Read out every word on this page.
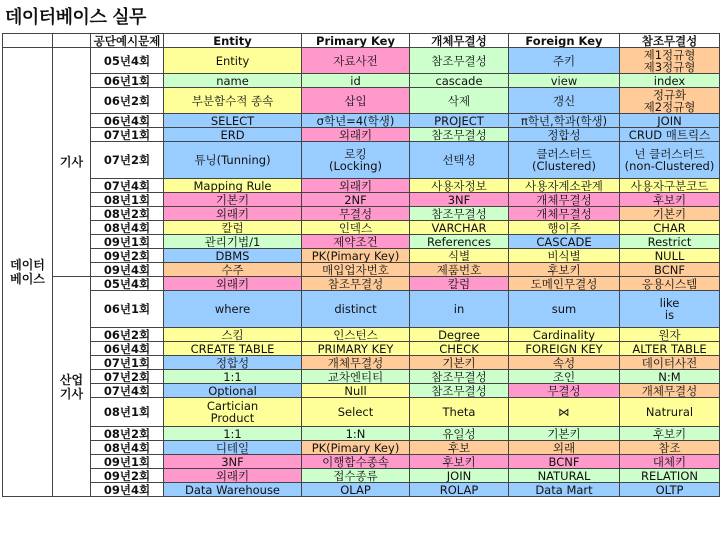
데이터베이스 실무
		공단예시문제	Entity	Primary Key	개체무결성	Foreign Key	참조무결성
데이터
베이스	기사	05년4회	Entity	자료사전	참조무결성	주키	제1정규형
제3정규형
		06년1회	name	id	cascade	view	index
		06년2회	부분함수적 종속	삽입	삭제	갱신	정규화
제2정규형
		06년4회	SELECT	σ학년=4(학생)	PROJECT	π학년,학과(학생)	JOIN
		07년1회	ERD	외래키	참조무결성	정합성	CRUD 매트릭스
		07년2회	튜닝(Tunning)	로킹
(Locking)	선택성	클러스터드
(Clustered)	넌 클러스터드
(non-Clustered)
		07년4회	Mapping Rule	외래키	사용자정보	사용자계소관계	사용자구분코드
		08년1회	기본키	2NF	3NF	개체무결성	후보키
		08년2회	외래키	무결성	참조무결성	개체무결성	기본키
		08년4회	칼럼	인덱스	VARCHAR	행이주	CHAR
		09년1회	관리기법/1	제약조건	References	CASCADE	Restrict
		09년2회	DBMS	PK(Pimary Key)	식별	비식별	NULL
		09년4회	수주	매입업자번호	제품번호	후보키	BCNF
	산업
기사	05년4회	외래키	참조무결성	칼럼	도메인무결성	응용시스템
		06년1회	where	distinct	in	sum	like
is
		06년2회	스킴	인스턴스	Degree	Cardinality	원자
		06년4회	CREATE TABLE	PRIMARY KEY	CHECK	FOREIGN KEY	ALTER TABLE
		07년1회	정합성	개체무결성	기본키	속성	데이터사전
		07년2회	1:1	교차엔티티	참조무결성	조인	N:M
		07년4회	Optional	Null	참조무결성	무결성	개체무결성
		08년1회	Cartician
Product	Select	Theta	⋈	Natrural
		08년2회	1:1	1:N	유일성	기본키	후보키
		08년4회	디테일	PK(Pimary Key)	후보	외래	참조
		09년1회	3NF	이행함수종속	후보키	BCNF	대체키
		09년2회	외래키	접수종류	JOIN	NATURAL	RELATION
		09년4회	Data Warehouse	OLAP	ROLAP	Data Mart	OLTP
